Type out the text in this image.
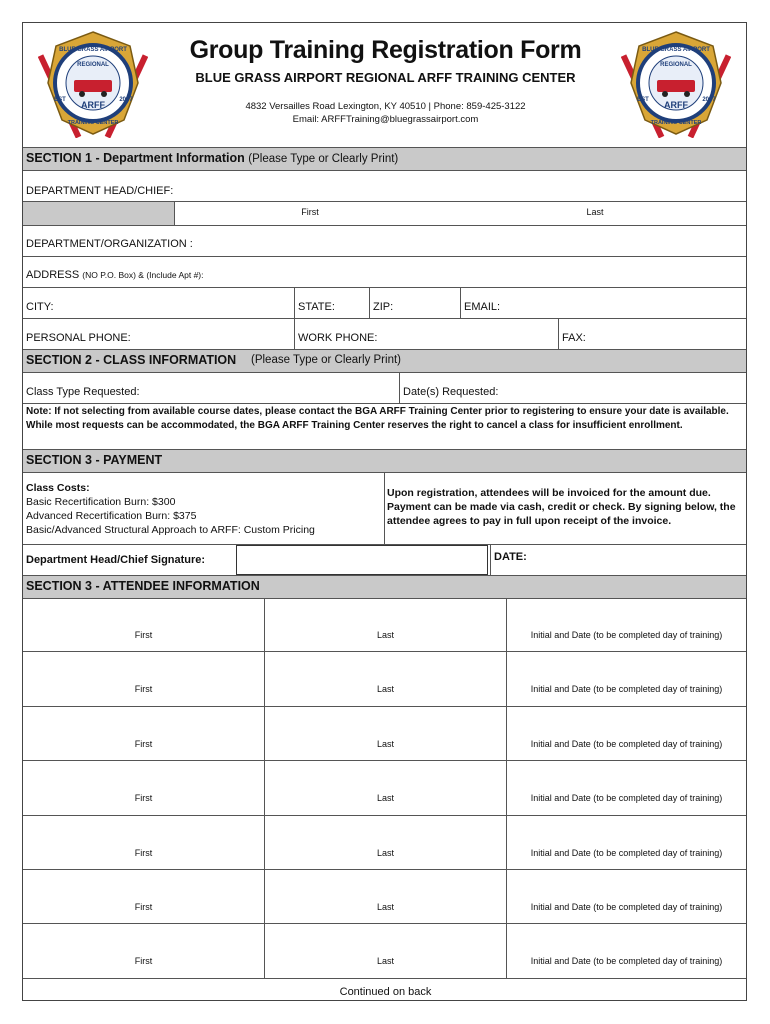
BLUE GRASS AIRPORT
REGIONAL
ARFF
EST	2007
TRAINING CENTER
BLUE GRASS AIRPORT
REGIONAL
ARFF
EST	2007
TRAINING CENTER
Group Training Registration Form
BLUE GRASS AIRPORT REGIONAL ARFF TRAINING CENTER
4832 Versailles Road Lexington, KY 40510 | Phone: 859-425-3122
Email: ARFFTraining@bluegrassairport.com
SECTION 1 - Department Information (Please Type or Clearly Print)
DEPARTMENT HEAD/CHIEF:
First	Last
DEPARTMENT/ORGANIZATION :
ADDRESS (NO P.O. Box) & (Include Apt #):
CITY:	STATE:	ZIP:	EMAIL:
PERSONAL PHONE:	WORK PHONE:	FAX:
SECTION 2 - CLASS INFORMATION (Please Type or Clearly Print)
Class Type Requested:	Date(s) Requested:
Note: If not selecting from available course dates, please contact the BGA ARFF Training Center prior to registering to ensure your date is available. While most requests can be accommodated, the BGA ARFF Training Center reserves the right to cancel a class for insufficient enrollment.
SECTION 3 - PAYMENT
Class Costs:
Basic Recertification Burn: $300
Advanced Recertification Burn: $375
Basic/Advanced Structural Approach to ARFF: Custom Pricing
Upon registration, attendees will be invoiced for the amount due. Payment can be made via cash, credit or check. By signing below, the attendee agrees to pay in full upon receipt of the invoice.
Department Head/Chief Signature:	DATE:
SECTION 3 - ATTENDEE INFORMATION
First	Last	Initial and Date (to be completed day of training)
First	Last	Initial and Date (to be completed day of training)
First	Last	Initial and Date (to be completed day of training)
First	Last	Initial and Date (to be completed day of training)
First	Last	Initial and Date (to be completed day of training)
First	Last	Initial and Date (to be completed day of training)
First	Last	Initial and Date (to be completed day of training)
Continued on back
